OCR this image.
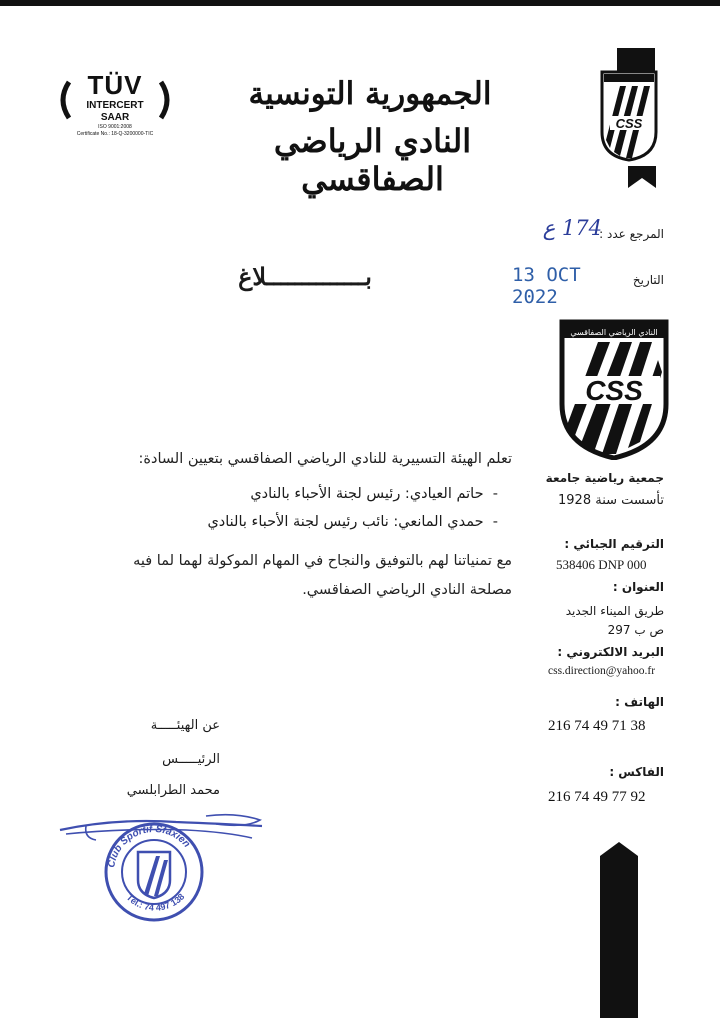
TÜV
INTERCERT
SAAR
ISO 9001:2008
Certificate No.: 18-Q-3200000-TIC
الجمهورية التونسية
النادي الرياضي الصفاقسي
CSS
المرجع عدد :
174 ع
التاريخ
13 OCT 2022
بــــــــــــــلاغ
النادي الرياضي الصفاقسي
CSS
تعلم الهيئة التسييرية للنادي الرياضي الصفاقسي بتعيين السادة:
-  حاتم العيادي: رئيس لجنة الأحباء بالنادي
-  حمدي المانعي: نائب رئيس لجنة الأحباء بالنادي
مع تمنياتنا لهم بالتوفيق والنجاح في المهام الموكولة لهما لما فيه
مصلحة النادي الرياضي الصفاقسي.
جمعية رياضية جامعة
تأسست سنة 1928
الترقيم الجبائي :
538406 DNP 000
العنوان :
طريق الميناء الجديد
ص ب 297
البريد الالكتروني :
css.direction@yahoo.fr
الهاتف :
216 74 49 71 38
الفاكس :
216 74 49 77 92
عن الهيئـــــة
الرئيـــــس
محمد الطرابلسي
Club Sportif Sfaxien
Tél.: 74 497 138
